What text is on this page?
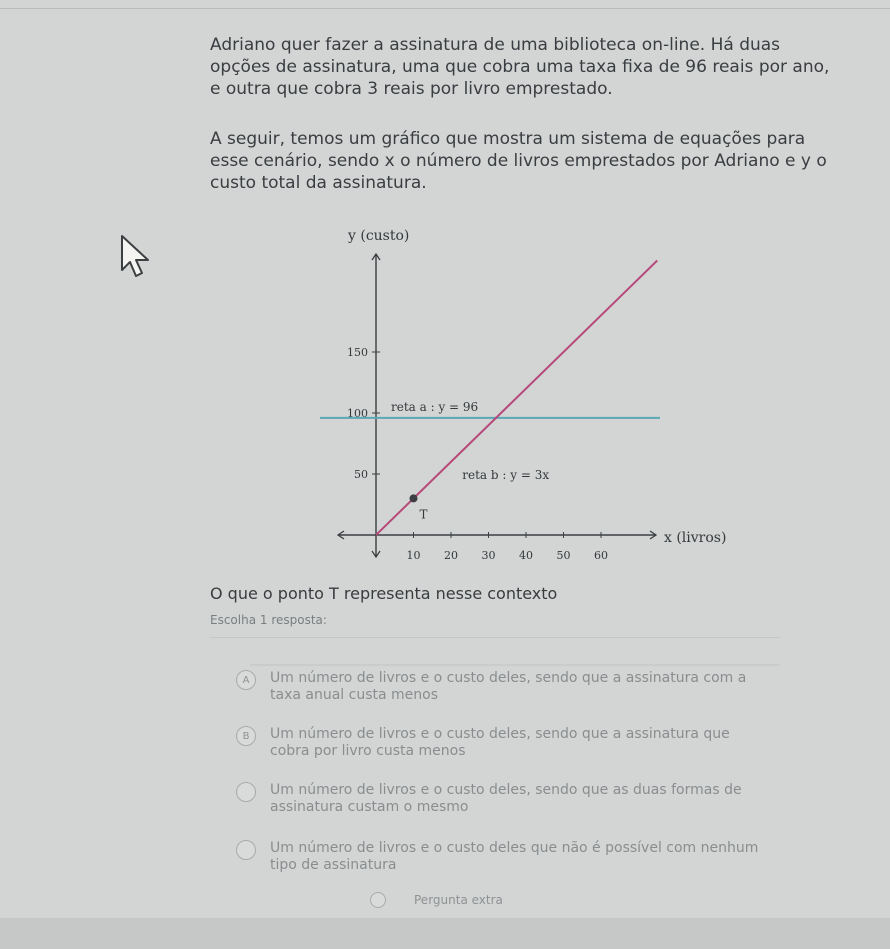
Adriano quer fazer a assinatura de uma biblioteca on-line. Há duas opções de assinatura, uma que cobra uma taxa fixa de 96 reais por ano, e outra que cobra 3 reais por livro emprestado.
A seguir, temos um gráfico que mostra um sistema de equações para esse cenário, sendo x o número de livros emprestados por Adriano e y o custo total da assinatura.
y (custo)
x (livros)
10 20 30 40 50 60
50
100
150
reta a : y = 96
reta b : y = 3x
T
O que o ponto T representa nesse contexto
Escolha 1 resposta:
A	Um número de livros e o custo deles, sendo que a assinatura com a taxa anual custa menos
B	Um número de livros e o custo deles, sendo que a assinatura que cobra por livro custa menos
Um número de livros e o custo deles, sendo que as duas formas de assinatura custam o mesmo
Um número de livros e o custo deles que não é possível com nenhum tipo de assinatura
Pergunta extra
